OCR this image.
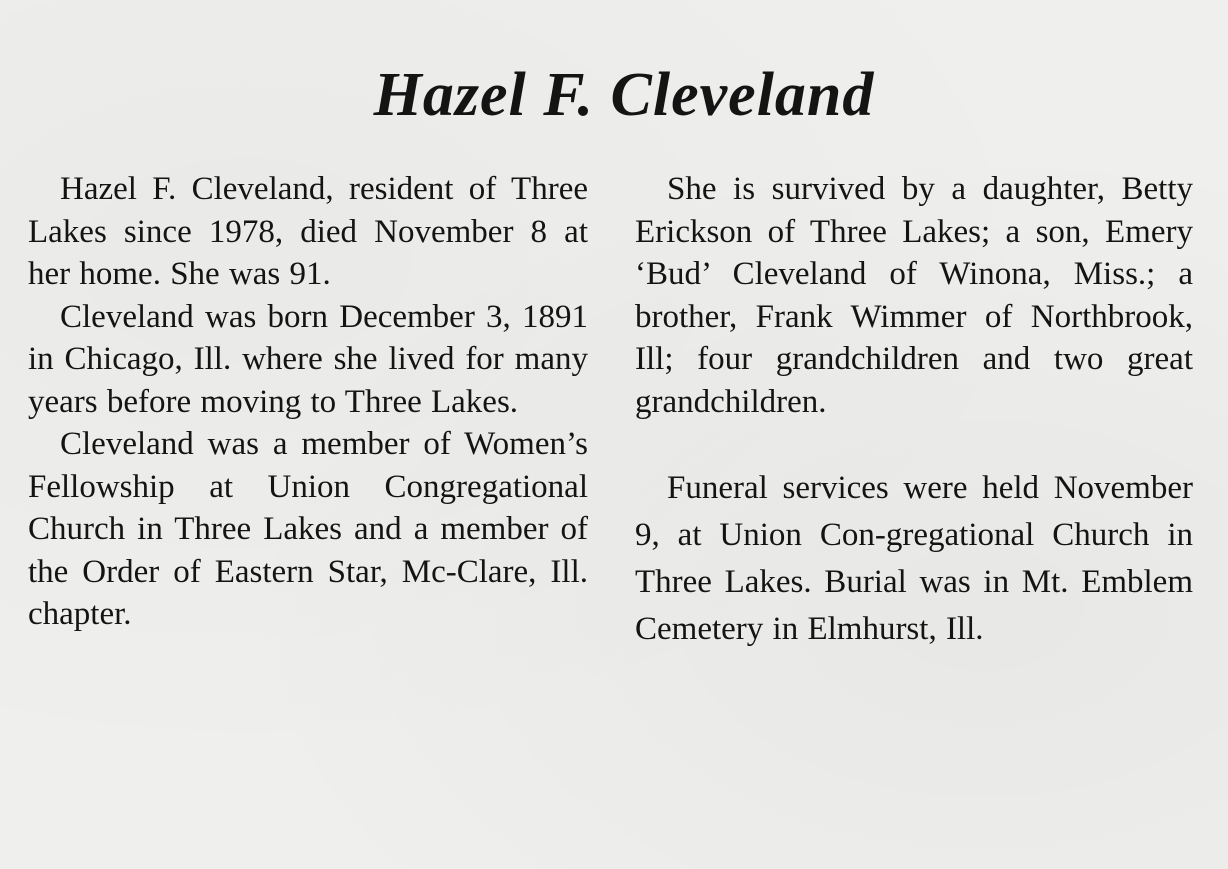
Hazel F. Cleveland

Hazel F. Cleveland, resident of Three Lakes since 1978, died November 8 at her home. She was 91.

Cleveland was born December 3, 1891 in Chicago, Ill. where she lived for many years before moving to Three Lakes.

Cleveland was a member of Women’s Fellowship at Union Congregational Church in Three Lakes and a member of the Order of Eastern Star, Mc-Clare, Ill. chapter.

She is survived by a daughter, Betty Erickson of Three Lakes; a son, Emery ‘Bud’ Cleveland of Winona, Miss.; a brother, Frank Wimmer of Northbrook, Ill; four grandchildren and two great grandchildren.

Funeral services were held November 9, at Union Con-gregational Church in Three Lakes. Burial was in Mt. Emblem Cemetery in Elmhurst, Ill.
